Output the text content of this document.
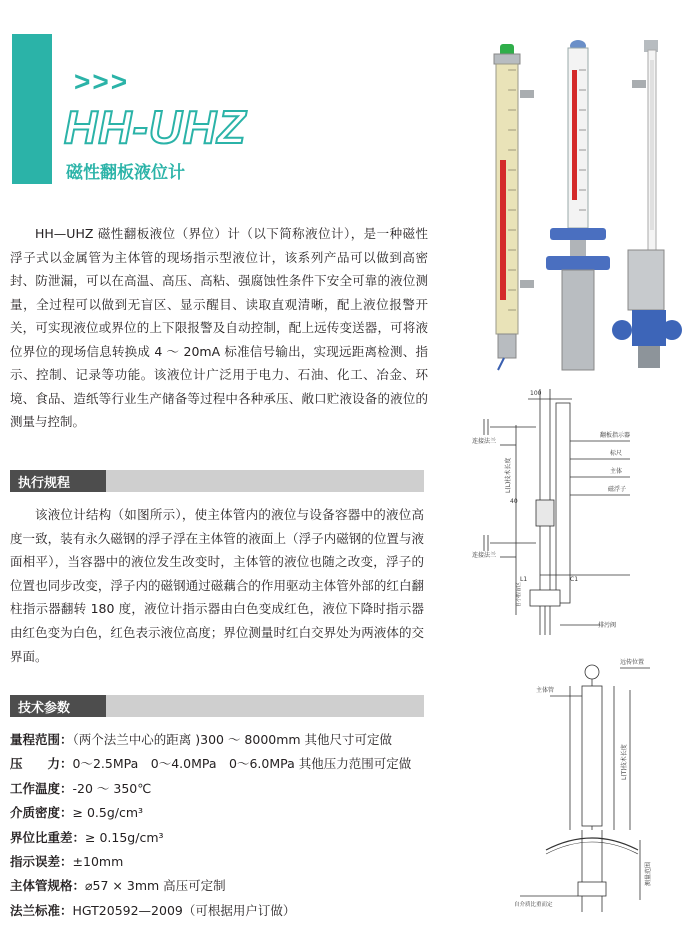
>>>
HH-UHZ
磁性翻板液位计

HH—UHZ 磁性翻板液位（界位）计（以下简称液位计），是一种磁性浮子式以金属管为主体管的现场指示型液位计，该系列产品可以做到高密封、防泄漏，可以在高温、高压、高粘、强腐蚀性条件下安全可靠的液位测量，全过程可以做到无盲区、显示醒目、读取直观清晰，配上液位报警开关，可实现液位或界位的上下限报警及自动控制，配上远传变送器，可将液位界位的现场信息转换成 4 ～ 20mA 标准信号输出，实现远距离检测、指示、控制、记录等功能。该液位计广泛用于电力、石油、化工、冶金、环境、食品、造纸等行业生产储备等过程中各种承压、敞口贮液设备的液位的测量与控制。

执行规程

该液位计结构（如图所示），使主体管内的液位与设备容器中的液位高度一致，装有永久磁钢的浮子浮在主体管的液面上（浮子内磁钢的位置与液面相平），当容器中的液位发生改变时，主体管的液位也随之改变，浮子的位置也同步改变，浮子内的磁钢通过磁藕合的作用驱动主体管外部的红白翻柱指示器翻转 180 度，液位计指示器由白色变成红色，液位下降时指示器由红色变为白色，红色表示液位高度；界位测量时红白交界处为两液体的交界面。

技术参数
量程范围：（两个法兰中心的距离 )300 ～ 8000mm 其他尺寸可定做
压　　力：0～2.5MPa　0～4.0MPa　0～6.0MPa 其他压力范围可定做
工作温度：-20 ～ 350℃
介质密度：≥ 0.5g/cm³
界位比重差：≥ 0.15g/cm³
指示误差：±10mm
主体管规格：⌀57 × 3mm 高压可定制
法兰标准：HGT20592—2009（可根据用户订做）
100
连接法兰
L(L)技术长度
40
翻板指示器
标尺
主体
磁浮子
连接法兰
L1	C1
自小腔盲区
排污阀
远传位置
主体管
L(T)技术长度
测量范围
自介质比重而定
